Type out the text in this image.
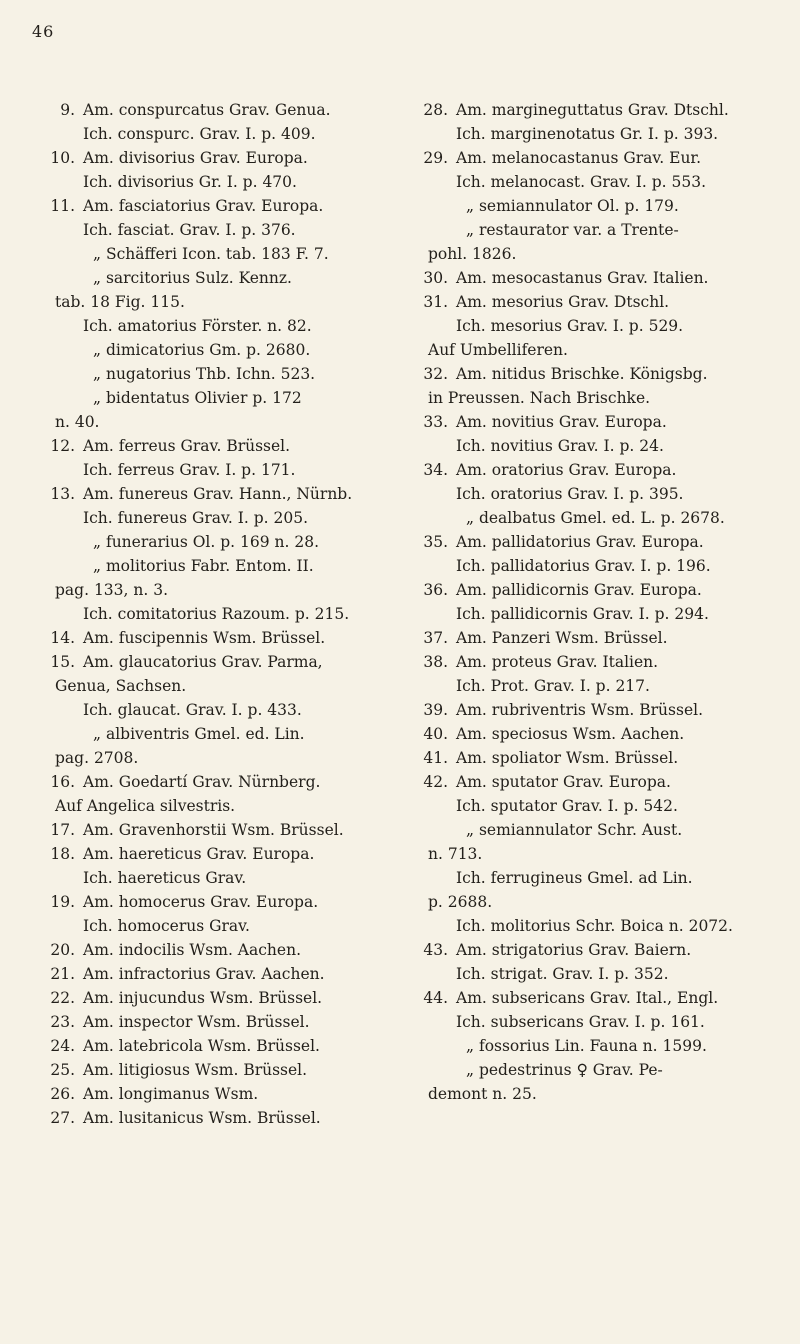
46
9. Am. conspurcatus Grav. Genua.
Ich. conspurc. Grav. I. p. 409.
10. Am. divisorius Grav. Europa.
Ich. divisorius Gr. I. p. 470.
11. Am. fasciatorius Grav. Europa.
Ich. fasciat. Grav. I. p. 376.
„ Schäfferi Icon. tab. 183 F. 7.
„ sarcitorius Sulz. Kennz.
tab. 18 Fig. 115.
Ich. amatorius Förster. n. 82.
„ dimicatorius Gm. p. 2680.
„ nugatorius Thb. Ichn. 523.
„ bidentatus Olivier p. 172
n. 40.
12. Am. ferreus Grav. Brüssel.
Ich. ferreus Grav. I. p. 171.
13. Am. funereus Grav. Hann., Nürnb.
Ich. funereus Grav. I. p. 205.
„ funerarius Ol. p. 169 n. 28.
„ molitorius Fabr. Entom. II.
pag. 133, n. 3.
Ich. comitatorius Razoum. p. 215.
14. Am. fuscipennis Wsm. Brüssel.
15. Am. glaucatorius Grav. Parma,
Genua, Sachsen.
Ich. glaucat. Grav. I. p. 433.
„ albiventris Gmel. ed. Lin.
pag. 2708.
16. Am. Goedartí Grav. Nürnberg.
Auf Angelica silvestris.
17. Am. Gravenhorstii Wsm. Brüssel.
18. Am. haereticus Grav. Europa.
Ich. haereticus Grav.
19. Am. homocerus Grav. Europa.
Ich. homocerus Grav.
20. Am. indocilis Wsm. Aachen.
21. Am. infractorius Grav. Aachen.
22. Am. injucundus Wsm. Brüssel.
23. Am. inspector Wsm. Brüssel.
24. Am. latebricola Wsm. Brüssel.
25. Am. litigiosus Wsm. Brüssel.
26. Am. longimanus Wsm.
27. Am. lusitanicus Wsm. Brüssel.
28. Am. margineguttatus Grav. Dtschl.
Ich. marginenotatus Gr. I. p. 393.
29. Am. melanocastanus Grav. Eur.
Ich. melanocast. Grav. I. p. 553.
„ semiannulator Ol. p. 179.
„ restaurator var. a Trente-
pohl. 1826.
30. Am. mesocastanus Grav. Italien.
31. Am. mesorius Grav. Dtschl.
Ich. mesorius Grav. I. p. 529.
Auf Umbelliferen.
32. Am. nitidus Brischke. Königsbg.
in Preussen. Nach Brischke.
33. Am. novitius Grav. Europa.
Ich. novitius Grav. I. p. 24.
34. Am. oratorius Grav. Europa.
Ich. oratorius Grav. I. p. 395.
„ dealbatus Gmel. ed. L. p. 2678.
35. Am. pallidatorius Grav. Europa.
Ich. pallidatorius Grav. I. p. 196.
36. Am. pallidicornis Grav. Europa.
Ich. pallidicornis Grav. I. p. 294.
37. Am. Panzeri Wsm. Brüssel.
38. Am. proteus Grav. Italien.
Ich. Prot. Grav. I. p. 217.
39. Am. rubriventris Wsm. Brüssel.
40. Am. speciosus Wsm. Aachen.
41. Am. spoliator Wsm. Brüssel.
42. Am. sputator Grav. Europa.
Ich. sputator Grav. I. p. 542.
„ semiannulator Schr. Aust.
n. 713.
Ich. ferrugineus Gmel. ad Lin.
p. 2688.
Ich. molitorius Schr. Boica n. 2072.
43. Am. strigatorius Grav. Baiern.
Ich. strigat. Grav. I. p. 352.
44. Am. subsericans Grav. Ital., Engl.
Ich. subsericans Grav. I. p. 161.
„ fossorius Lin. Fauna n. 1599.
„ pedestrinus ♀ Grav. Pe-
demont n. 25.
